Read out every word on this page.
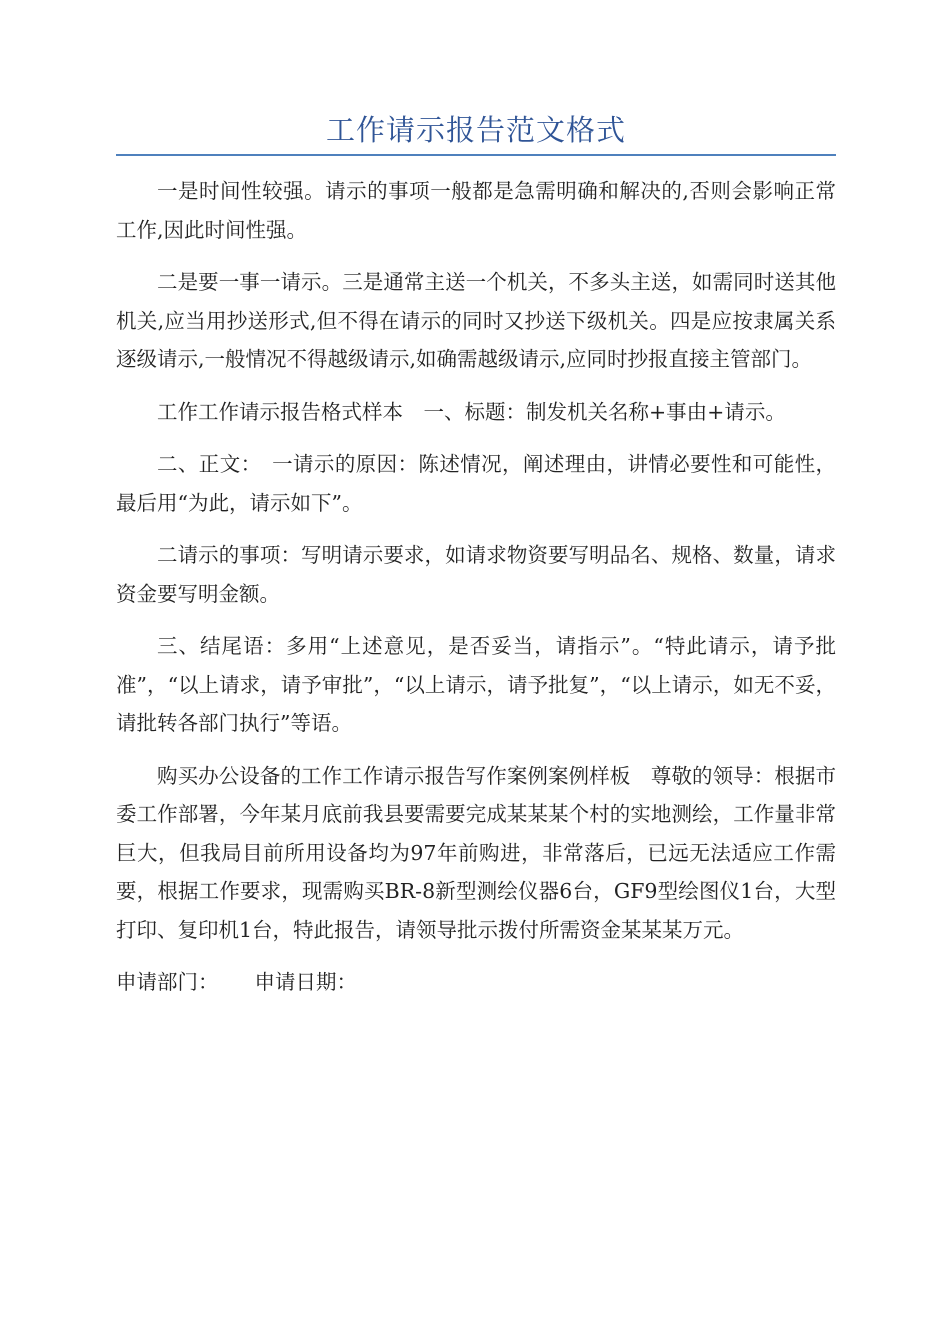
工作请示报告范文格式

一是时间性较强。请示的事项一般都是急需明确和解决的,否则会影响正常工作,因此时间性强。

二是要一事一请示。三是通常主送一个机关，不多头主送，如需同时送其他机关,应当用抄送形式,但不得在请示的同时又抄送下级机关。四是应按隶属关系逐级请示,一般情况不得越级请示,如确需越级请示,应同时抄报直接主管部门。

工作工作请示报告格式样本　一、标题：制发机关名称+事由+请示。

二、正文：　一请示的原因：陈述情况，阐述理由，讲情必要性和可能性，最后用“为此，请示如下”。

二请示的事项：写明请示要求，如请求物资要写明品名、规格、数量，请求资金要写明金额。

三、结尾语：多用“上述意见，是否妥当，请指示”。“特此请示，请予批准”，“以上请求，请予审批”，“以上请示，请予批复”，“以上请示，如无不妥，请批转各部门执行”等语。

购买办公设备的工作工作请示报告写作案例案例样板　尊敬的领导：根据市委工作部署，今年某月底前我县要需要完成某某某个村的实地测绘，工作量非常巨大，但我局目前所用设备均为97年前购进，非常落后，已远无法适应工作需要，根据工作要求，现需购买BR-8新型测绘仪器6台，GF9型绘图仪1台，大型打印、复印机1台，特此报告，请领导批示拨付所需资金某某某万元。

申请部门： 申请日期：
